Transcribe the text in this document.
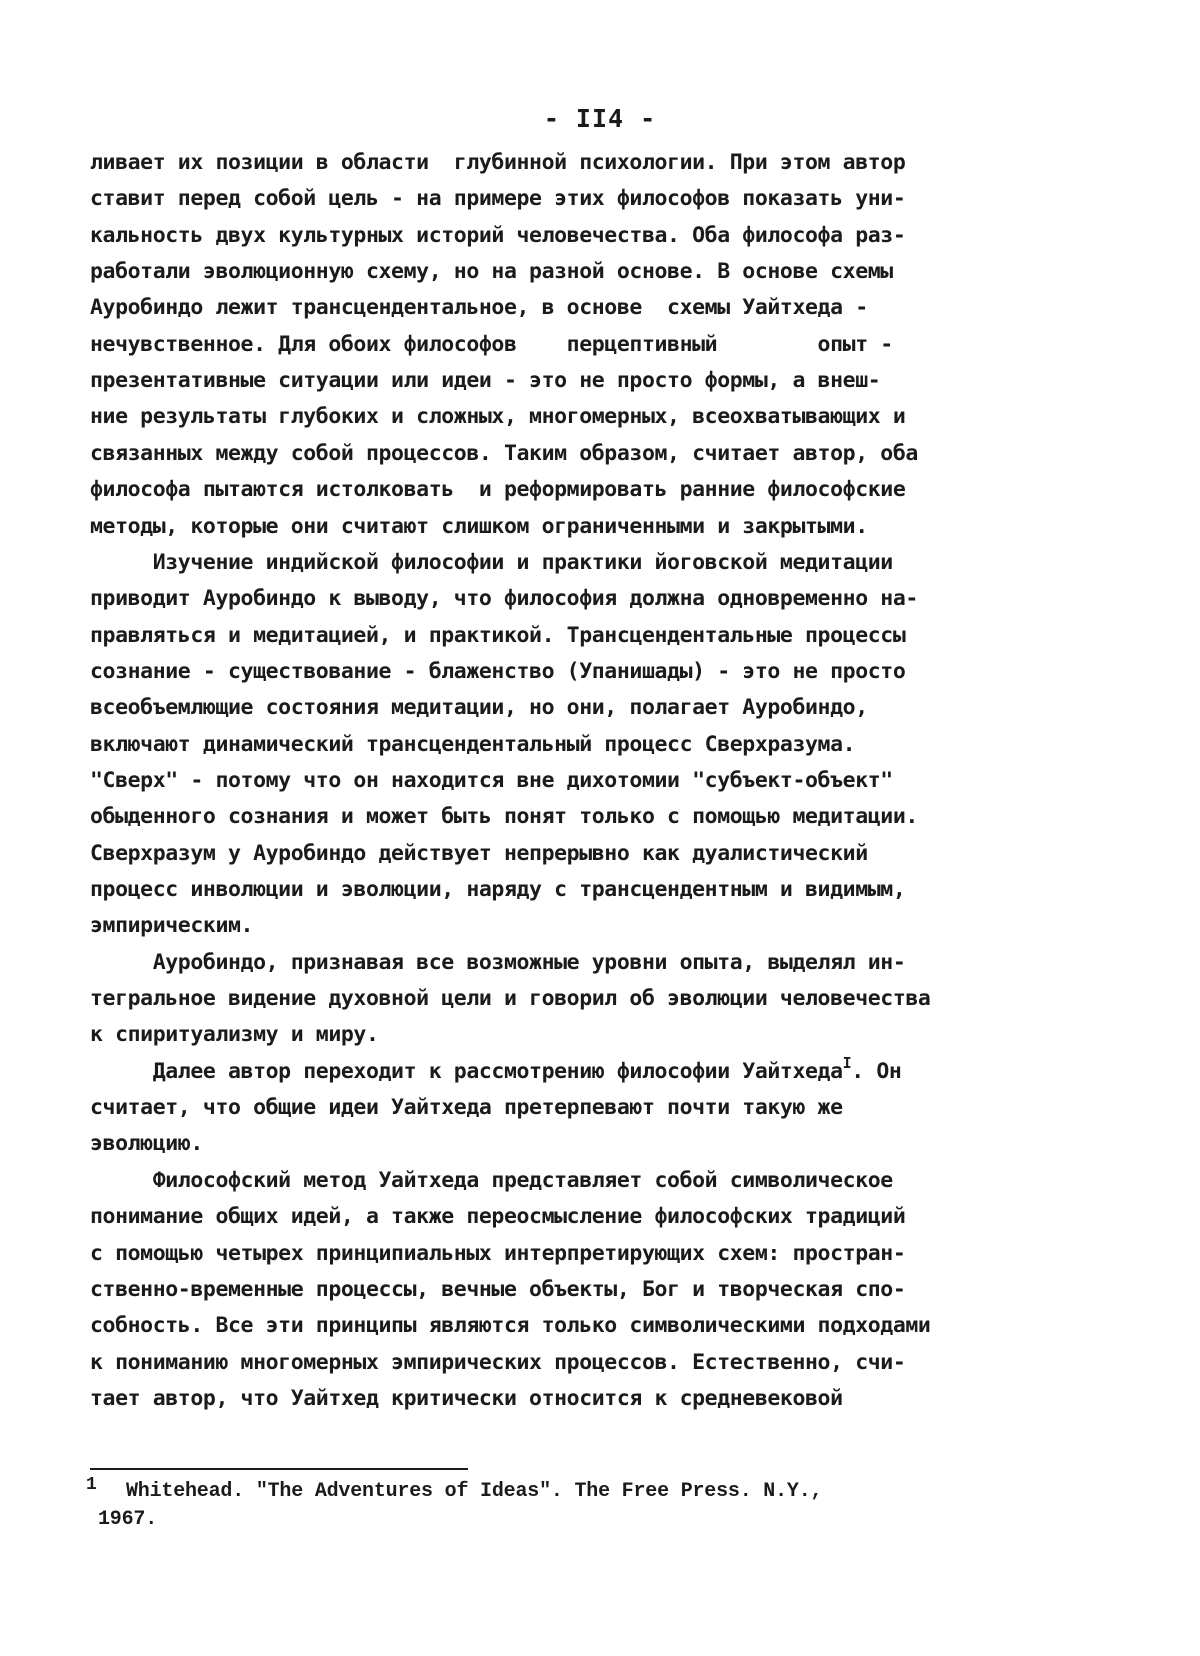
- II4 -
ливает их позиции в области  глубинной психологии. При этом автор
ставит перед собой цель - на примере этих философов показать уни-
кальность двух культурных историй человечества. Оба философа раз-
работали эволюционную схему, но на разной основе. В основе схемы
Ауробиндо лежит трансцендентальное, в основе  схемы Уайтхеда -
нечувственное. Для обоих философов    перцептивный        опыт -
презентативные ситуации или идеи - это не просто формы, а внеш-
ние результаты глубоких и сложных, многомерных, всеохватывающих и
связанных между собой процессов. Таким образом, считает автор, оба
философа пытаются истолковать  и реформировать ранние философские
методы, которые они считают слишком ограниченными и закрытыми.
Изучение индийской философии и практики йоговской медитации
приводит Ауробиндо к выводу, что философия должна одновременно на-
правляться и медитацией, и практикой. Трансцендентальные процессы
сознание - существование - блаженство (Упанишады) - это не просто
всеобъемлющие состояния медитации, но они, полагает Ауробиндо,
включают динамический трансцендентальный процесс Сверхразума.
"Сверх" - потому что он находится вне дихотомии "субъект-объект"
обыденного сознания и может быть понят только с помощью медитации.
Сверхразум у Ауробиндо действует непрерывно как дуалистический
процесс инволюции и эволюции, наряду с трансцендентным и видимым,
эмпирическим.
Ауробиндо, признавая все возможные уровни опыта, выделял ин-
тегральное видение духовной цели и говорил об эволюции человечества
к спиритуализму и миру.
Далее автор переходит к рассмотрению философии Уайтхеда$^I$. Он
считает, что общие идеи Уайтхеда претерпевают почти такую же
эволюцию.
Философский метод Уайтхеда представляет собой символическое
понимание общих идей, а также переосмысление философских традиций
с помощью четырех принципиальных интерпретирующих схем: простран-
ственно-временные процессы, вечные объекты, Бог и творческая спо-
собность. Все эти принципы являются только символическими подходами
к пониманию многомерных эмпирических процессов. Естественно, счи-
тает автор, что Уайтхед критически относится к средневековой
1 Whitehead. "The Adventures of Ideas". The Free Press. N.Y.,
1967.
